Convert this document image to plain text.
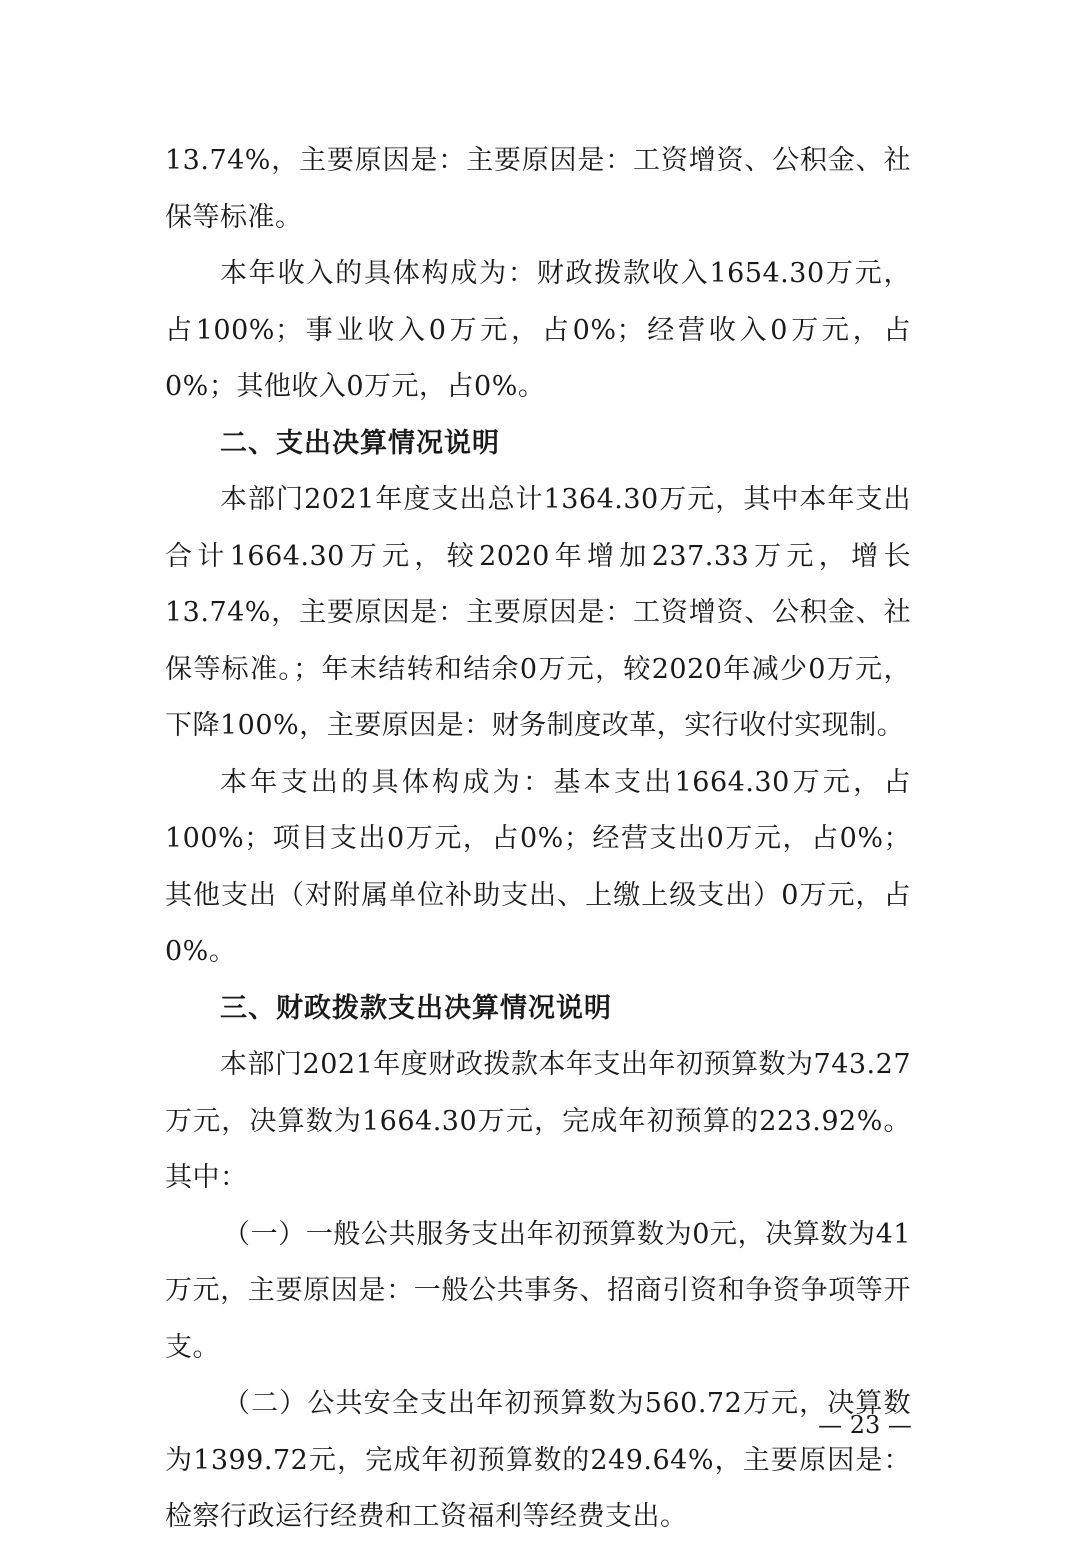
13.74%，主要原因是：主要原因是：工资增资、公积金、社保等标准。

本年收入的具体构成为：财政拨款收入1654.30万元，占100%；事业收入0万元，占0%；经营收入0万元，占0%；其他收入0万元，占0%。

二、支出决算情况说明

本部门2021年度支出总计1364.30万元，其中本年支出合计1664.30万元，较2020年增加237.33万元，增长13.74%，主要原因是：主要原因是：工资增资、公积金、社保等标准。；年末结转和结余0万元，较2020年减少0万元，下降100%，主要原因是：财务制度改革，实行收付实现制。

本年支出的具体构成为：基本支出1664.30万元，占100%；项目支出0万元，占0%；经营支出0万元，占0%；其他支出（对附属单位补助支出、上缴上级支出）0万元，占0%。

三、财政拨款支出决算情况说明

本部门2021年度财政拨款本年支出年初预算数为743.27万元，决算数为1664.30万元，完成年初预算的223.92%。其中：

（一）一般公共服务支出年初预算数为0元，决算数为41万元，主要原因是：一般公共事务、招商引资和争资争项等开支。

（二）公共安全支出年初预算数为560.72万元，决算数为1399.72元，完成年初预算数的249.64%，主要原因是：检察行政运行经费和工资福利等经费支出。

— 23 —
